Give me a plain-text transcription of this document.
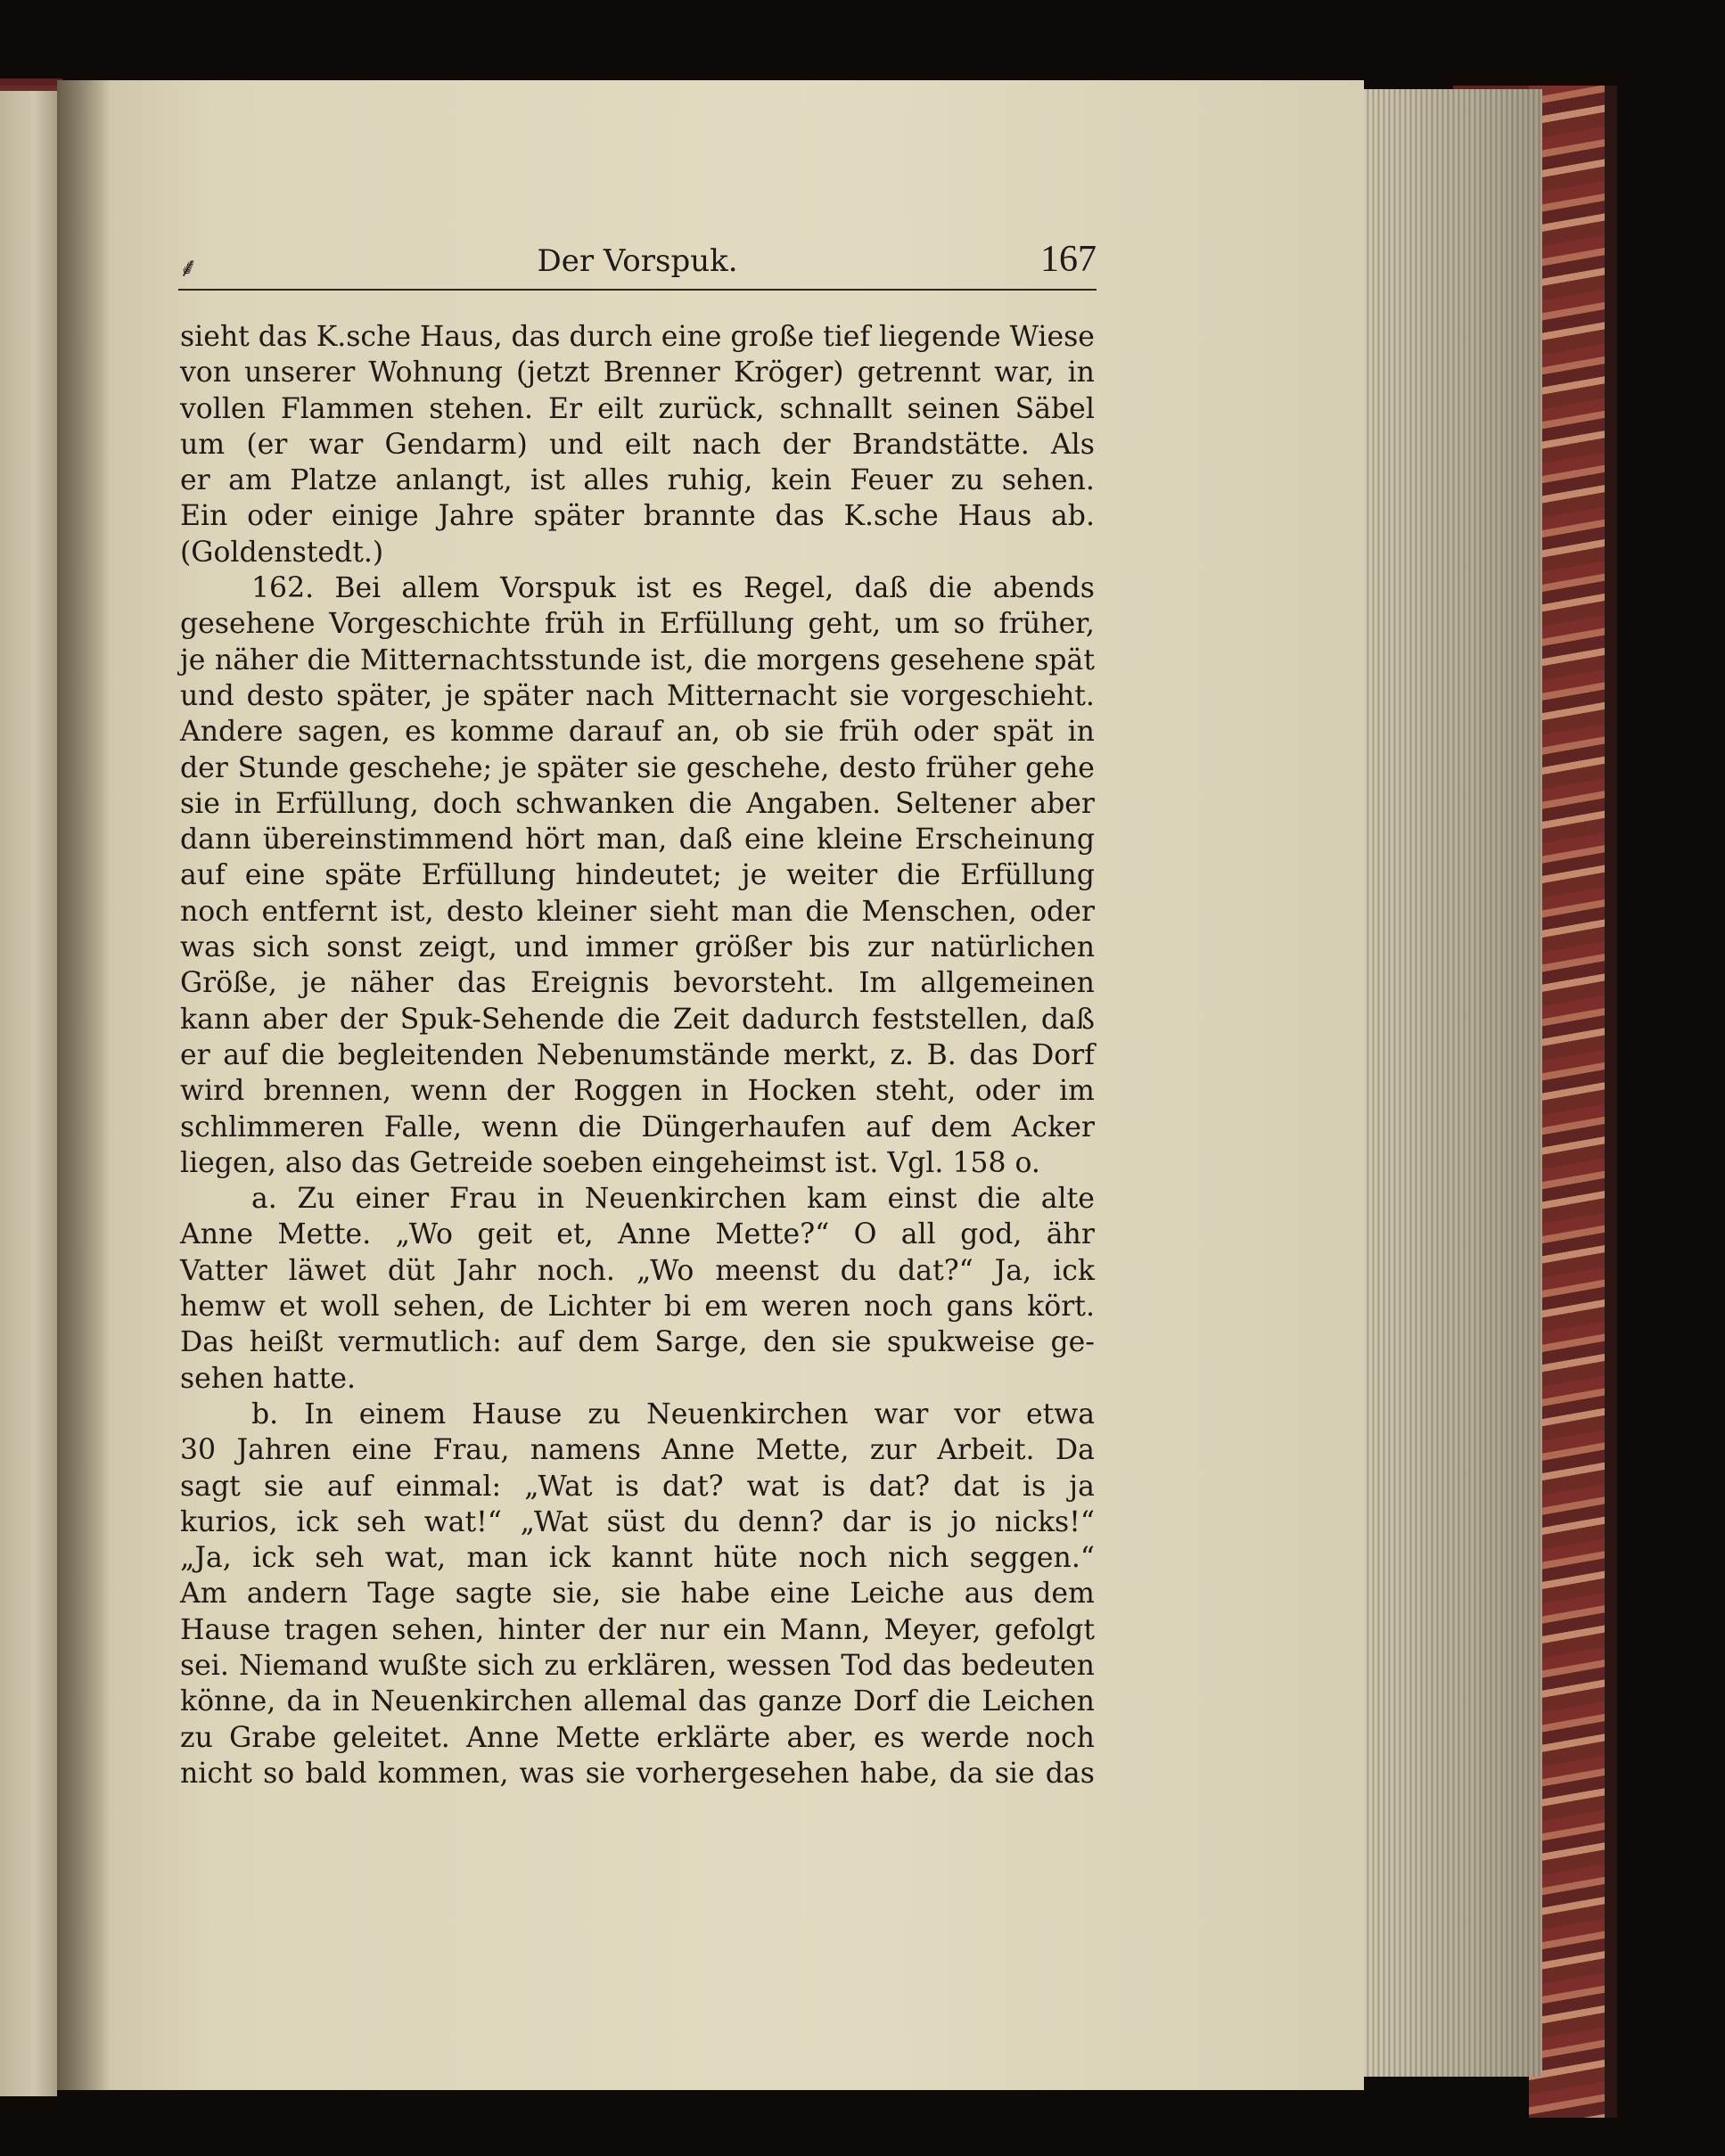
⸙	Der Vorspuk.	167
sieht das K.sche Haus, das durch eine große tief liegende Wiese
von unserer Wohnung (jetzt Brenner Kröger) getrennt war, in
vollen Flammen stehen. Er eilt zurück, schnallt seinen Säbel
um (er war Gendarm) und eilt nach der Brandstätte. Als
er am Platze anlangt, ist alles ruhig, kein Feuer zu sehen.
Ein oder einige Jahre später brannte das K.sche Haus ab.
(Goldenstedt.)
162. Bei allem Vorspuk ist es Regel, daß die abends
gesehene Vorgeschichte früh in Erfüllung geht, um so früher,
je näher die Mitternachtsstunde ist, die morgens gesehene spät
und desto später, je später nach Mitternacht sie vorgeschieht.
Andere sagen, es komme darauf an, ob sie früh oder spät in
der Stunde geschehe; je später sie geschehe, desto früher gehe
sie in Erfüllung, doch schwanken die Angaben. Seltener aber
dann übereinstimmend hört man, daß eine kleine Erscheinung
auf eine späte Erfüllung hindeutet; je weiter die Erfüllung
noch entfernt ist, desto kleiner sieht man die Menschen, oder
was sich sonst zeigt, und immer größer bis zur natürlichen
Größe, je näher das Ereignis bevorsteht. Im allgemeinen
kann aber der Spuk-Sehende die Zeit dadurch feststellen, daß
er auf die begleitenden Nebenumstände merkt, z. B. das Dorf
wird brennen, wenn der Roggen in Hocken steht, oder im
schlimmeren Falle, wenn die Düngerhaufen auf dem Acker
liegen, also das Getreide soeben eingeheimst ist. Vgl. 158 o.
a. Zu einer Frau in Neuenkirchen kam einst die alte
Anne Mette. „Wo geit et, Anne Mette?“ O all god, ähr
Vatter läwet düt Jahr noch. „Wo meenst du dat?“ Ja, ick
hemw et woll sehen, de Lichter bi em weren noch gans kört.
Das heißt vermutlich: auf dem Sarge, den sie spukweise ge-
sehen hatte.
b. In einem Hause zu Neuenkirchen war vor etwa
30 Jahren eine Frau, namens Anne Mette, zur Arbeit. Da
sagt sie auf einmal: „Wat is dat? wat is dat? dat is ja
kurios, ick seh wat!“ „Wat süst du denn? dar is jo nicks!“
„Ja, ick seh wat, man ick kannt hüte noch nich seggen.“
Am andern Tage sagte sie, sie habe eine Leiche aus dem
Hause tragen sehen, hinter der nur ein Mann, Meyer, gefolgt
sei. Niemand wußte sich zu erklären, wessen Tod das bedeuten
könne, da in Neuenkirchen allemal das ganze Dorf die Leichen
zu Grabe geleitet. Anne Mette erklärte aber, es werde noch
nicht so bald kommen, was sie vorhergesehen habe, da sie das
